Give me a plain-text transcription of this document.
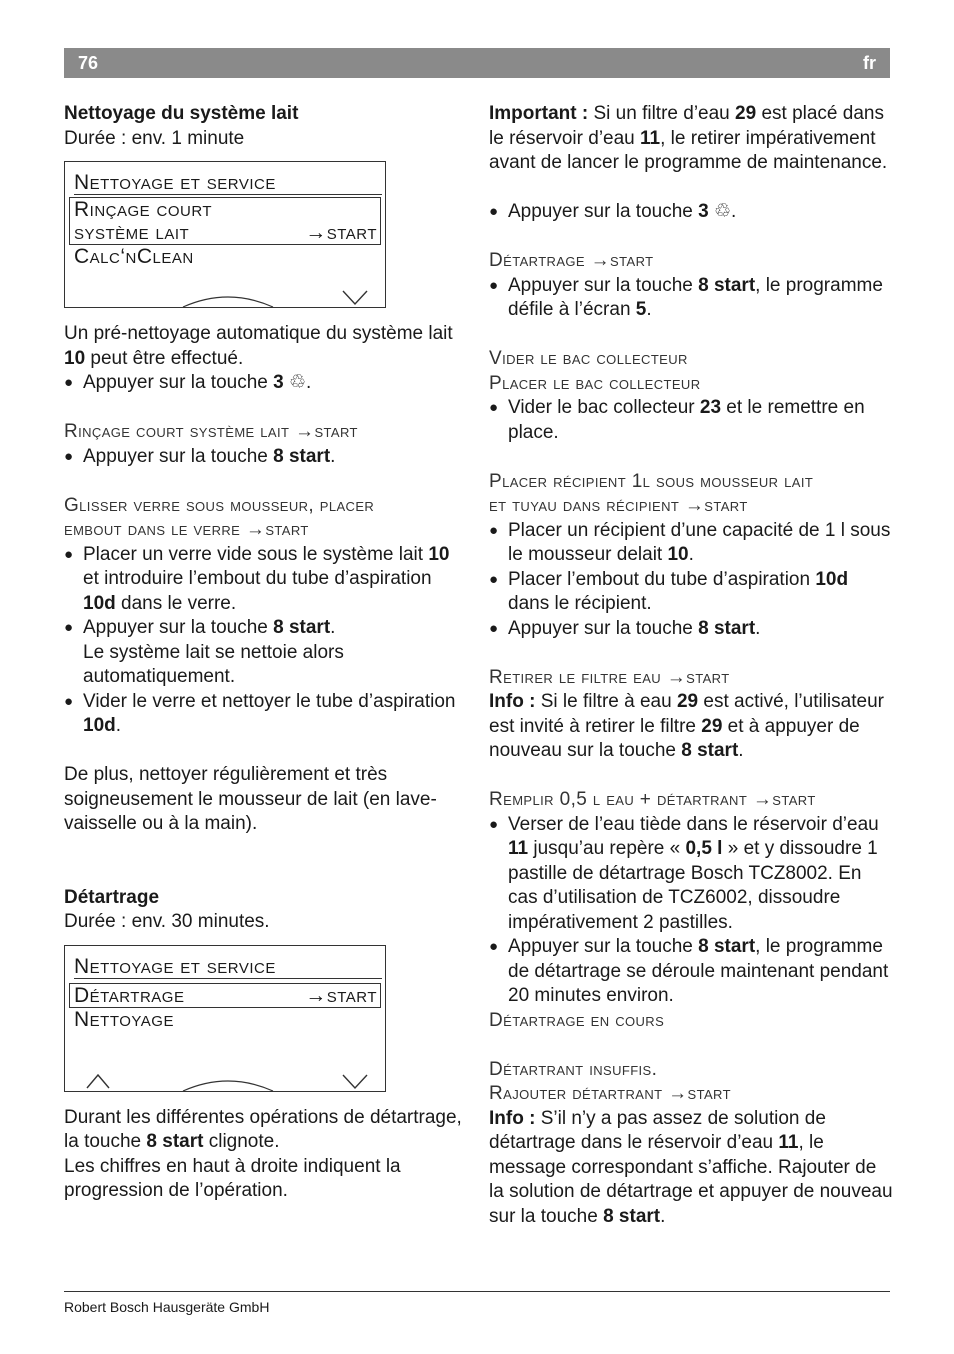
76	fr

Nettoyage du système lait

Durée : env. 1 minute

Nettoyage et service
Rinçage court
système lait	→start
Calc‘nClean

Un pré-nettoyage automatique du système lait 10 peut être effectué.

● Appuyer sur la touche 3 ♲.

Rinçage court système lait →start

● Appuyer sur la touche 8 start.

Glisser verre sous mousseur, placer

embout dans le verre →start

● Placer un verre vide sous le système lait 10 et introduire l’embout du tube d’aspiration 10d dans le verre.
● Appuyer sur la touche 8 start.
Le système lait se nettoie alors automatiquement.
● Vider le verre et nettoyer le tube d’aspiration 10d.

De plus, nettoyer régulièrement et très soigneusement le mousseur de lait (en lave-vaisselle ou à la main).

Détartrage

Durée : env. 30 minutes.

Nettoyage et service
Détartrage	→start
Nettoyage

Durant les différentes opérations de détartrage, la touche 8 start clignote.

Les chiffres en haut à droite indiquent la progression de l’opération.

Important : Si un filtre d’eau 29 est placé dans le réservoir d’eau 11, le retirer impérativement avant de lancer le programme de maintenance.

● Appuyer sur la touche 3 ♲.

Détartrage →start

● Appuyer sur la touche 8 start, le programme défile à l’écran 5.

Vider le bac collecteur

Placer le bac collecteur

● Vider le bac collecteur 23 et le remettre en place.

Placer récipient 1l sous mousseur lait

et tuyau dans récipient →start

● Placer un récipient d’une capacité de 1 l sous le mousseur delait 10.
● Placer l’embout du tube d’aspiration 10d dans le récipient.
● Appuyer sur la touche 8 start.

Retirer le filtre eau →start

Info : Si le filtre à eau 29 est activé, l’utilisateur est invité à retirer le filtre 29 et à appuyer de nouveau sur la touche 8 start.

Remplir 0,5 l eau + détartrant →start

● Verser de l’eau tiède dans le réservoir d’eau 11 jusqu’au repère « 0,5 l » et y dissoudre 1 pastille de détartrage Bosch TCZ8002. En cas d’utilisation de TCZ6002, dissoudre impérativement 2 pastilles.
● Appuyer sur la touche 8 start, le programme de détartrage se déroule maintenant pendant 20 minutes environ.

Détartrage en cours

Détartrant insuffis.

Rajouter détartrant →start

Info : S’il n’y a pas assez de solution de détartrage dans le réservoir d’eau 11, le message correspondant s’affiche. Rajouter de la solution de détartrage et appuyer de nouveau sur la touche 8 start.

Robert Bosch Hausgeräte GmbH
